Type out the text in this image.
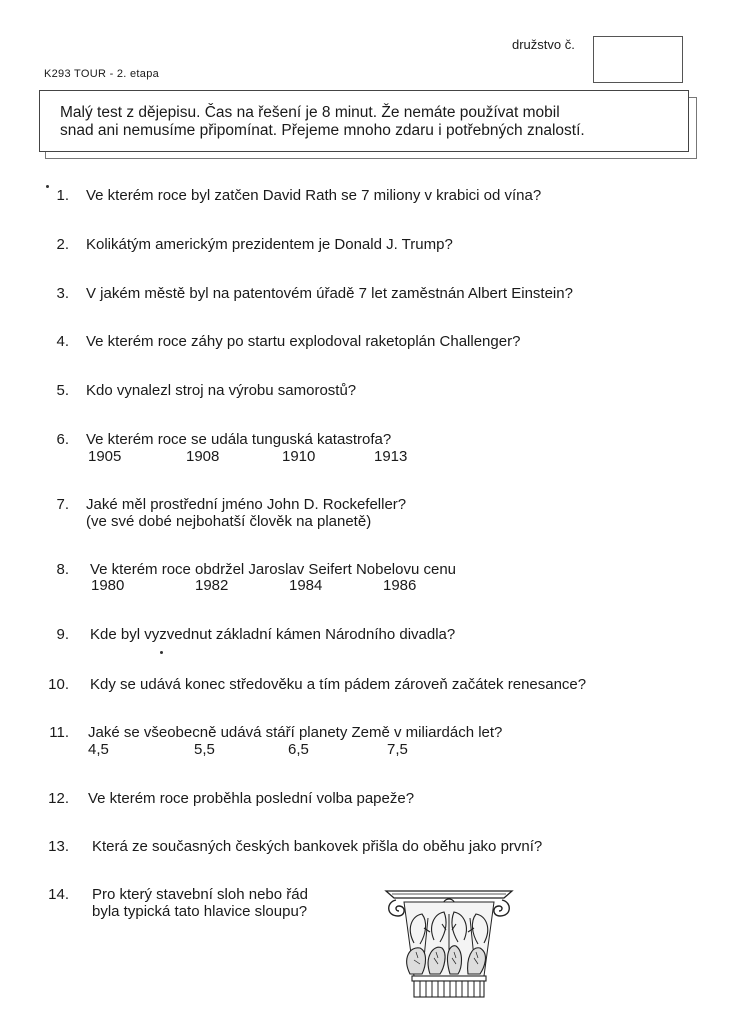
družstvo č.
K293 TOUR - 2. etapa
Malý test z dějepisu. Čas na řešení je 8 minut. Že nemáte používat mobil
snad ani nemusíme připomínat. Přejeme mnoho zdaru i potřebných znalostí.
1. Ve kterém roce byl zatčen David Rath se 7 miliony v krabici od vína?
2. Kolikátým americkým prezidentem je Donald J. Trump?
3. V jakém městě byl na patentovém úřadě 7 let zaměstnán Albert Einstein?
4. Ve kterém roce záhy po startu explodoval raketoplán Challenger?
5. Kdo vynalezl stroj na výrobu samorostů?
6. Ve kterém roce se udála tunguská katastrofa?
1905	1908	1910	1913
7. Jaké měl prostřední jméno John D. Rockefeller?
(ve své dobé nejbohatší člověk na planetě)
8. Ve kterém roce obdržel Jaroslav Seifert Nobelovu cenu
1980	1982	1984	1986
9. Kde byl vyzvednut základní kámen Národního divadla?
10. Kdy se udává konec středověku a tím pádem zároveň začátek renesance?
11. Jaké se všeobecně udává stáří planety Země v miliardách let?
4,5	5,5	6,5	7,5
12. Ve kterém roce proběhla poslední volba papeže?
13. Která ze současných českých bankovek přišla do oběhu jako první?
14. Pro který stavební sloh nebo řád
byla typická tato hlavice sloupu?
